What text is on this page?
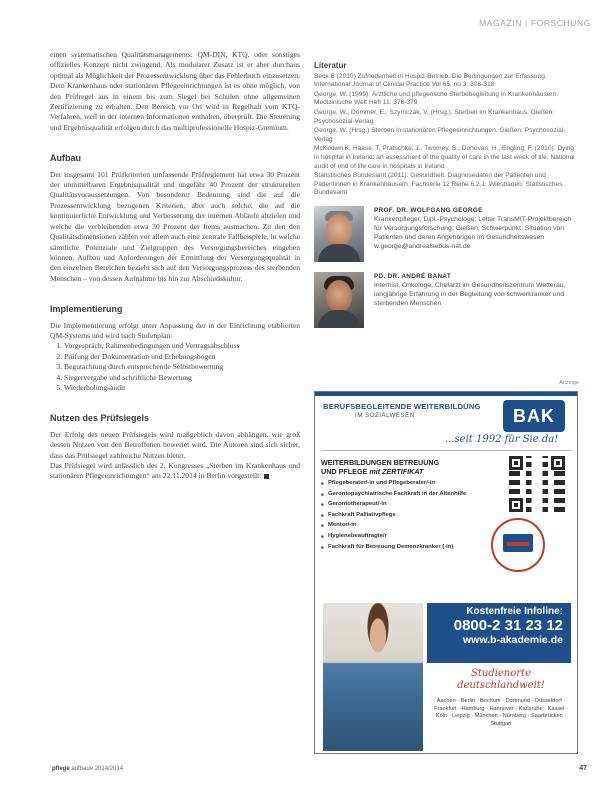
MAGAZIN | FORSCHUNG

einen systematischen Qualitätsmanagements: QM-DIN, KTQ, oder sonstiges offizielles Konzept nicht zwingend. Als modularer Zusatz ist er aber durchaus optimal als Möglichkeit der Prozessentwicklung über das Fehlerbuch einzusetzen. Dem Krankenhaus oder stationären Pflegeeinrichtungen ist es ohne möglich, von den Prüfregel aus in einem bis zum Siegel bei Schulen ohne allgemeinen Zertifizierung zu erhalten. Den Bereich vor Ort wird in Regelhaft vom KTQ-Verfahren, weil in der internen Informationen enthalten, überprüft. Die Steuerung und Ergebnisqualität erfolgen durch das multiprofessionelle Hospiz-Gremium.

Aufbau

Der insgesamt 101 Prüfkriterien umfassende Prüfreglement hat etwa 30 Prozent der unmittelbaren Ergebnisqualität und ungefähr 40 Prozent der strukturellen Qualitätsvoraussetzungen. Von besonderer Bedeutung sind die auf die Prozessentwicklung bezogenen Kriterien, aber auch solche, die auf die kontinuierliche Entwicklung und Verbesserung der internen Abläufe abzielen und welche die verbleibenden etwa 30 Prozent der Items ausmachen. Zu den den Qualitätsdimensionen zählen vor allem auch eine zentrale Fallbeispiele, in welche sämtliche Potenziale und Zielgruppen des Versorgungsbereiches eingeben können. Aufbau und Anforderungen der Ermittlung der Versorgungsqualität in den einzelnen Bereichen bezieht sich auf den Versorgungsprozess des sterbenden Menschen – von dessen Aufnahme bis hin zur Abschiedskultur.

Implementierung

Die Implementierung erfolgt unter Anpassung der in der Einrichtung etablierten QM-Systems und wird nach Stufenplan:

1. Vorgespräch, Rahmenbedingungen und Vertragsabschluss
2. Prüfung der Dokumentation und Erhebungsbogen
3. Begutachtung durch entsprechende Selbstbewertung
4. Siegervergabe und schriftliche Bewertung
5. Wiederholungsaudit
Nutzen des Prüfsiegels

Der Erfolg des neuen Prüfsiegels wird maßgeblich davon abhängen, wie groß dessen Nutzen von den Betroffenen bewertet wird. Die Autoren sind sich sicher, dass das Prüfsiegel zahlreiche Nutzen bietet.

Das Prüfsiegel wird anlässlich des 2. Kongresses „Sterben im Krankenhaus und stationären Pflegeeinrichtungen“ am 22.11.2014 in Berlin vorgestellt.

Literatur
Beck B (2010) Zufriedenheit in Hospiz-Betrieb. Die Bedingungen zur Erfassung. International Journal of Clinical Practice Vol 65, no 3: 306-318
George, W. (1999): Ärztliche und pflegerische Sterbebegleitung in Krankenhäusern. Medizinische Welt Heft 11: 376-379
George, W., Dommer, E., Szymczak, V. (Hrsg.): Sterben im Krankenhaus. Gießen: Psychosozial-Verlag
George, W. (Hrsg.) Sterben in stationären Pflegeeinrichtungen. Gießen: Psychosozial-Verlag
McKeown K, Haase, T, Pratschke, J., Twomey, S., Donovan, H., Engling, F. (2010): Dying in hospital in Ireland: an assessment of the quality of care in the last week of life. National audit of end of life care in hospitals in Ireland
Statistisches Bundesamt (2011): Gesundheit. Diagnosedaten der Patienten und Patientinnen in Krankenhäusern. Fachserie 12 Reihe 6.2.1. Wiesbaden: Statistisches Bundesamt
PROF. DR. WOLFGANG GEORGE
Krankenpfleger, Dipl.-Psychologe; Leiter TransMIT-Projektbereich für Versorgungsforschung, Gießen; Schwerpunkt: Situation von Patienten und deren Angehörigen im Gesundheitswesen
w.george@andrealsebus-net.de
PD. DR. ANDRÉ BANAT
Internist, Onkologe, Chefarzt im Gesundheitszentrum Wetterau, langjährige Erfahrung in der Begleitung von schwerkranker und sterbenden Menschen
Anzeige
BERUFSBEGLEITENDE WEITERBILDUNG
IM SOZIALWESEN	BAK
...seit 1992 für Sie da!
WEITERBILDUNGEN BETREUUNG
UND PFLEGE mit ZERTIFIKAT
■ Pflegeberater/-in und Pflegeberater/-in
■ Gerontopsychiatrische Fachkraft in der Altenhilfe
■ Gerontotherapeut/-in
■ Fachkraft Palliativpflege
■ Mentor/-in
■ Hygienebeauftragte/r
■ Fachkraft für Betreuung Demenzkranker (-in)
Kostenfreie Infoline:
0800-2 31 23 12
www.b-akademie.de
Studienorte deutschlandweit!
Aachen · Berlin · Bochum · Dortmund · Düsseldorf · Frankfurt · Hamburg · Hannover · Karlsruhe · Kassel · Köln · Leipzig · München · Nürnberg · Saarbrücken · Stuttgart
pflege aufbaue 2014/2014	47
